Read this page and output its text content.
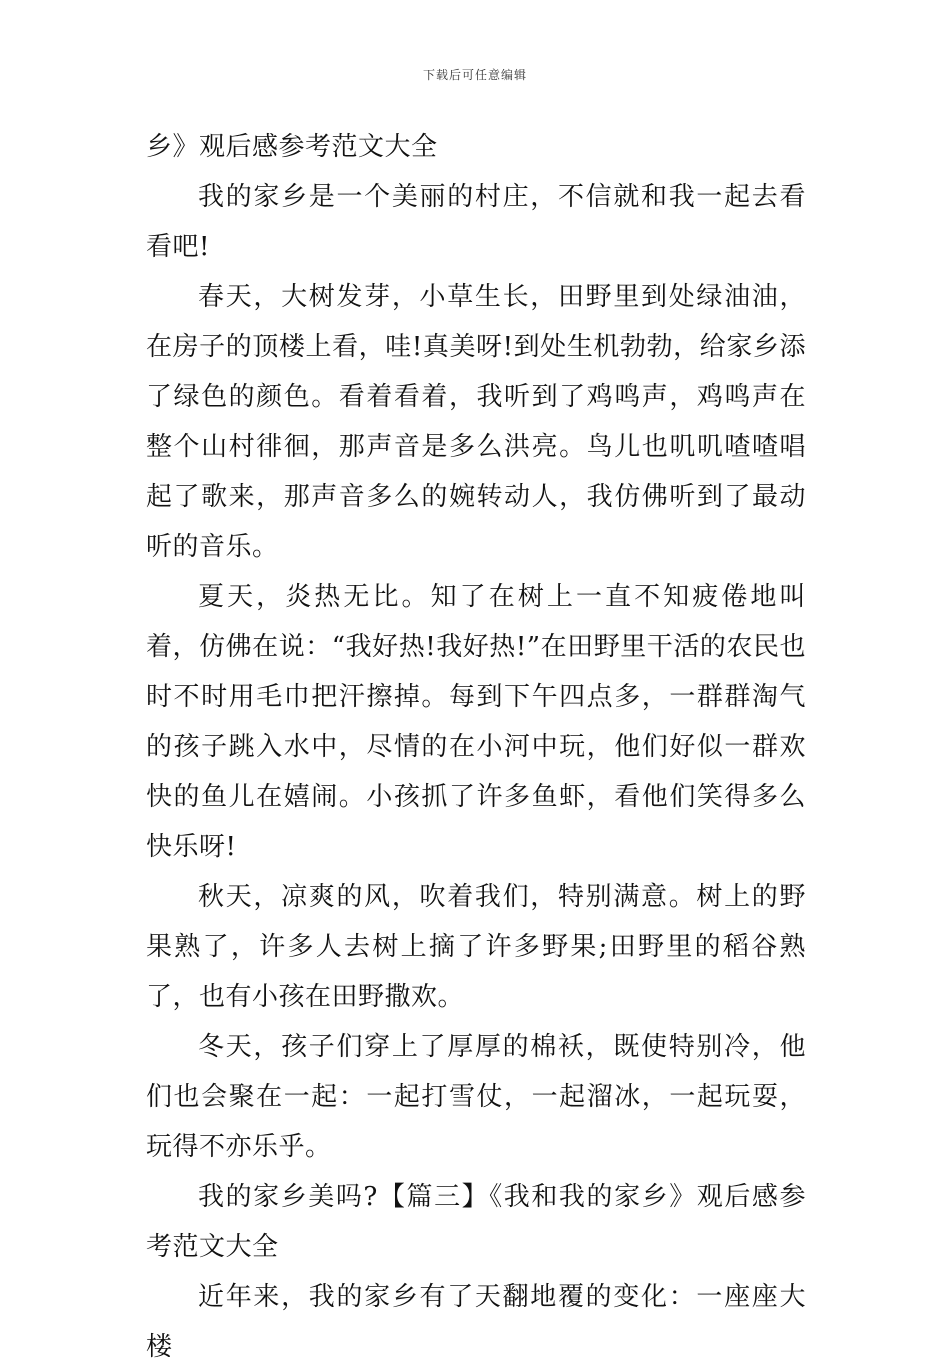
下载后可任意编辑

乡》观后感参考范文大全

我的家乡是一个美丽的村庄，不信就和我一起去看看吧!

春天，大树发芽，小草生长，田野里到处绿油油，在房子的顶楼上看，哇!真美呀!到处生机勃勃，给家乡添了绿色的颜色。看着看着，我听到了鸡鸣声，鸡鸣声在整个山村徘徊，那声音是多么洪亮。鸟儿也叽叽喳喳唱起了歌来，那声音多么的婉转动人，我仿佛听到了最动听的音乐。

夏天，炎热无比。知了在树上一直不知疲倦地叫着，仿佛在说：“我好热!我好热!”在田野里干活的农民也时不时用毛巾把汗擦掉。每到下午四点多，一群群淘气的孩子跳入水中，尽情的在小河中玩，他们好似一群欢快的鱼儿在嬉闹。小孩抓了许多鱼虾，看他们笑得多么快乐呀!

秋天，凉爽的风，吹着我们，特别满意。树上的野果熟了，许多人去树上摘了许多野果;田野里的稻谷熟了，也有小孩在田野撒欢。

冬天，孩子们穿上了厚厚的棉袄，既使特别冷，他们也会聚在一起：一起打雪仗，一起溜冰，一起玩耍，玩得不亦乐乎。

我的家乡美吗?【篇三】《我和我的家乡》观后感参考范文大全

近年来，我的家乡有了天翻地覆的变化：一座座大楼
